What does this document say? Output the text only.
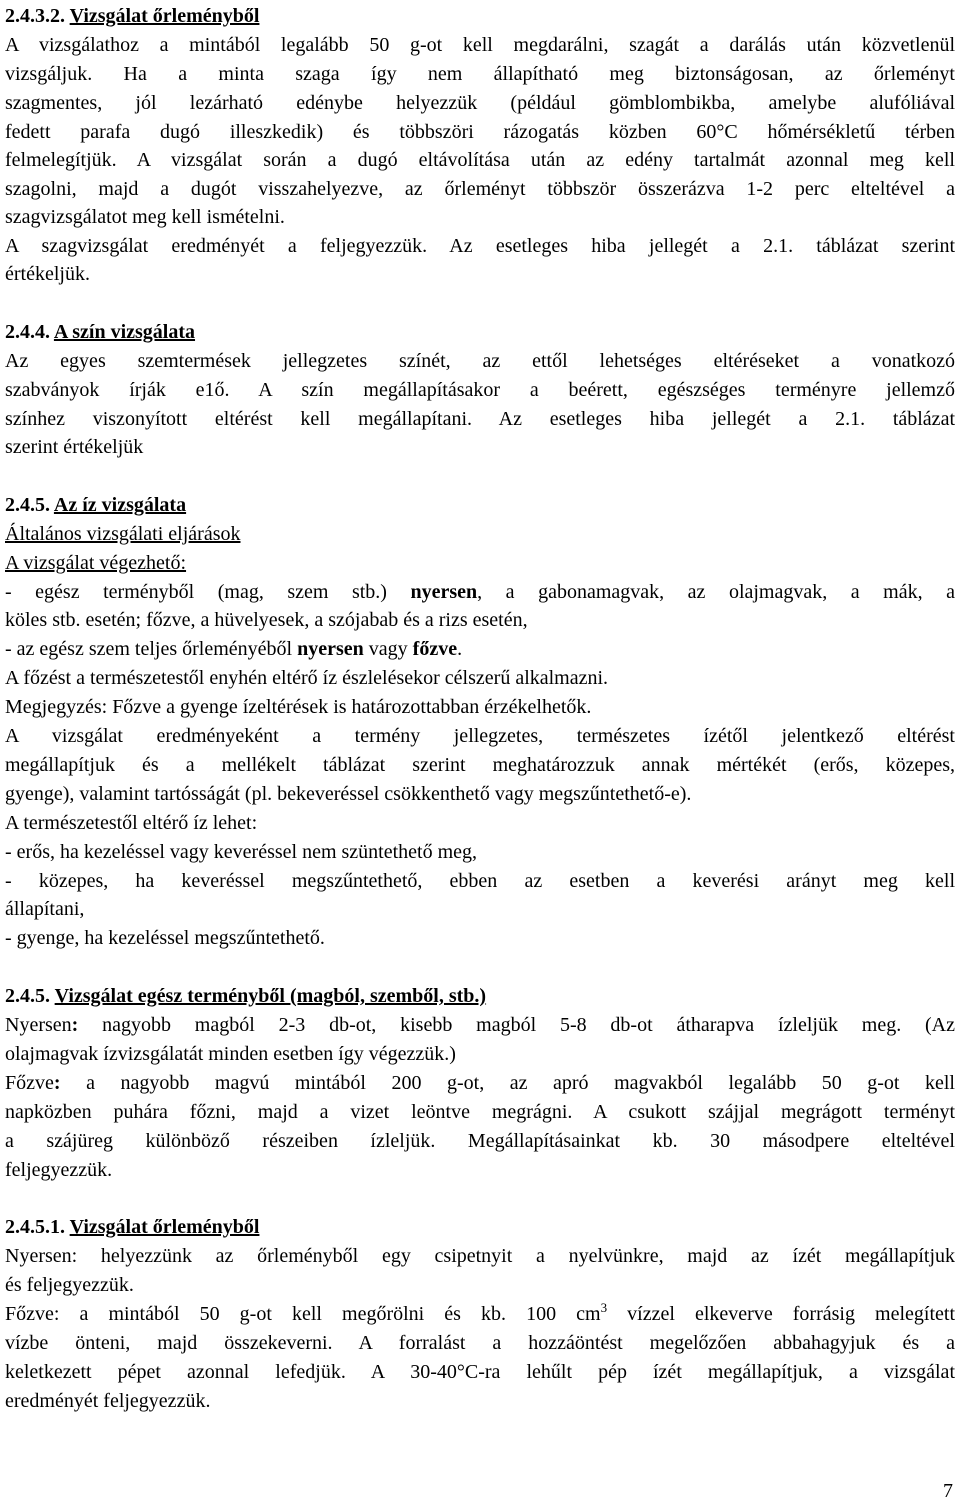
2.4.3.2. Vizsgálat őrleményből
A vizsgálathoz a mintából legalább 50 g-ot kell megdarálni, szagát a darálás után közvetlenül
vizsgáljuk. Ha a minta szaga így nem állapítható meg biztonságosan, az őrleményt
szagmentes, jól lezárható edénybe helyezzük (például gömblombikba, amelybe alufóliával
fedett parafa dugó illeszkedik) és többszöri rázogatás közben 60°C hőmérsékletű térben
felmelegítjük. A vizsgálat során a dugó eltávolítása után az edény tartalmát azonnal meg kell
szagolni, majd a dugót visszahelyezve, az őrleményt többször összerázva 1-2 perc elteltével a
szagvizsgálatot meg kell ismételni.
A szagvizsgálat eredményét a feljegyezzük. Az esetleges hiba jellegét a 2.1. táblázat szerint
értékeljük.
2.4.4. A szín vizsgálata
Az egyes szemtermések jellegzetes színét, az ettől lehetséges eltéréseket a vonatkozó
szabványok írják e1ő. A szín megállapításakor a beérett, egészséges terményre jellemző
színhez viszonyított eltérést kell megállapítani. Az esetleges hiba jellegét a 2.1. táblázat
szerint értékeljük
2.4.5. Az íz vizsgálata
Általános vizsgálati eljárások
A vizsgálat végezhető:
- egész terményből (mag, szem stb.) nyersen, a gabonamagvak, az olajmagvak, a mák, a
köles stb. esetén; főzve, a hüvelyesek, a szójabab és a rizs esetén,
- az egész szem teljes őrleményéből nyersen vagy főzve.
A főzést a természetestől enyhén eltérő íz észlelésekor célszerű alkalmazni.
Megjegyzés: Főzve a gyenge ízeltérések is határozottabban érzékelhetők.
A vizsgálat eredményeként a termény jellegzetes, természetes ízétől jelentkező eltérést
megállapítjuk és a mellékelt táblázat szerint meghatározzuk annak mértékét (erős, közepes,
gyenge), valamint tartósságát (pl. bekeveréssel csökkenthető vagy megszűntethető-e).
A természetestől eltérő íz lehet:
- erős, ha kezeléssel vagy keveréssel nem szüntethető meg,
- közepes, ha keveréssel megszűntethető, ebben az esetben a keverési arányt meg kell
állapítani,
- gyenge, ha kezeléssel megszűntethető.
2.4.5. Vizsgálat egész terményből (magból, szemből, stb.)
Nyersen: nagyobb magból 2-3 db-ot, kisebb magból 5-8 db-ot átharapva ízleljük meg. (Az
olajmagvak ízvizsgálatát minden esetben így végezzük.)
Főzve: a nagyobb magvú mintából 200 g-ot, az apró magvakból legalább 50 g-ot kell
napközben puhára főzni, majd a vizet leöntve megrágni. A csukott szájjal megrágott terményt
a szájüreg különböző részeiben ízleljük. Megállapításainkat kb. 30 másodpere elteltével
feljegyezzük.
2.4.5.1. Vizsgálat őrleményből
Nyersen: helyezzünk az őrleményből egy csipetnyit a nyelvünkre, majd az ízét megállapítjuk
és feljegyezzük.
Főzve: a mintából 50 g-ot kell megőrölni és kb. 100 $cm^3$ vízzel elkeverve forrásig melegített
vízbe önteni, majd összekeverni. A forralást a hozzáöntést megelőzően abbahagyjuk és a
keletkezett pépet azonnal lefedjük. A 30-40°C-ra lehűlt pép ízét megállapítjuk, a vizsgálat
eredményét feljegyezzük.
7
